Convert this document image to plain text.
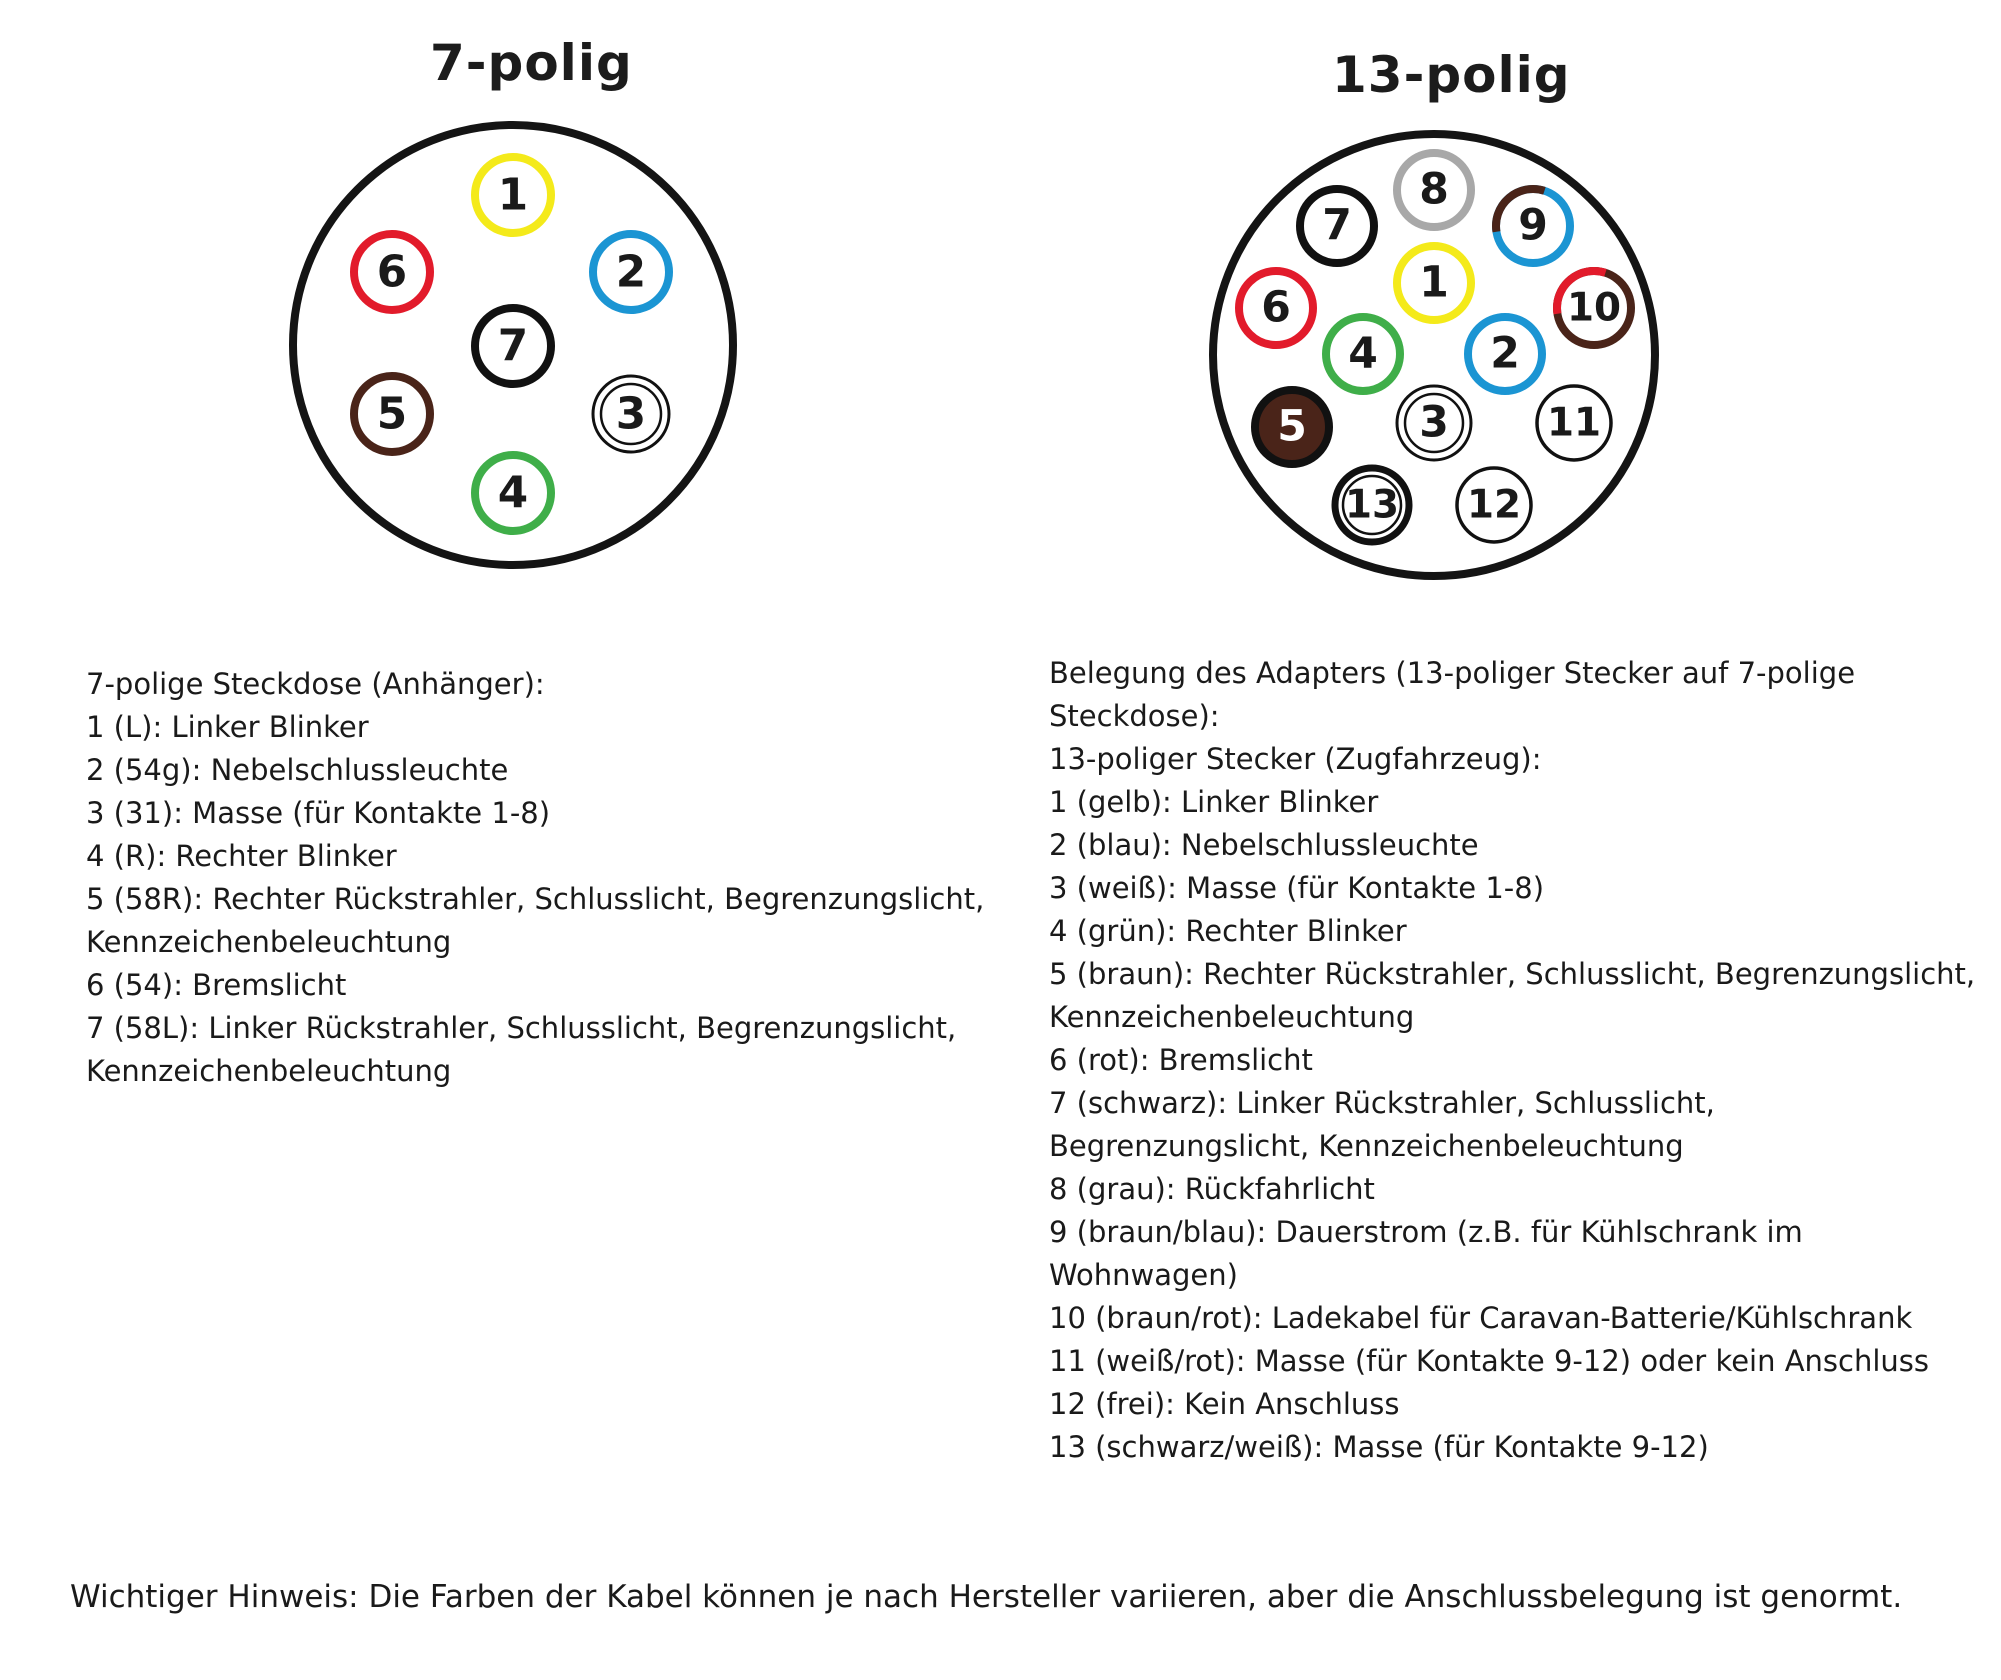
7-polig	13-polig
1
2
3
4
5
6
7
1
2
3
4
5
6
7
8
9
10
11
12
13
7-polige Steckdose (Anhänger):
1 (L): Linker Blinker
2 (54g): Nebelschlussleuchte
3 (31): Masse (für Kontakte 1-8)
4 (R): Rechter Blinker
5 (58R): Rechter Rückstrahler, Schlusslicht, Begrenzungslicht, Kennzeichenbeleuchtung
6 (54): Bremslicht
7 (58L): Linker Rückstrahler, Schlusslicht, Begrenzungslicht, Kennzeichenbeleuchtung
Belegung des Adapters (13-poliger Stecker auf 7-polige Steckdose):
13-poliger Stecker (Zugfahrzeug):
1 (gelb): Linker Blinker
2 (blau): Nebelschlussleuchte
3 (weiß): Masse (für Kontakte 1-8)
4 (grün): Rechter Blinker
5 (braun): Rechter Rückstrahler, Schlusslicht, Begrenzungslicht, Kennzeichenbeleuchtung
6 (rot): Bremslicht
7 (schwarz): Linker Rückstrahler, Schlusslicht, Begrenzungslicht, Kennzeichenbeleuchtung
8 (grau): Rückfahrlicht
9 (braun/blau): Dauerstrom (z.B. für Kühlschrank im Wohnwagen)
10 (braun/rot): Ladekabel für Caravan-Batterie/Kühlschrank
11 (weiß/rot): Masse (für Kontakte 9-12) oder kein Anschluss
12 (frei): Kein Anschluss
13 (schwarz/weiß): Masse (für Kontakte 9-12)
Wichtiger Hinweis: Die Farben der Kabel können je nach Hersteller variieren, aber die Anschlussbelegung ist genormt.
